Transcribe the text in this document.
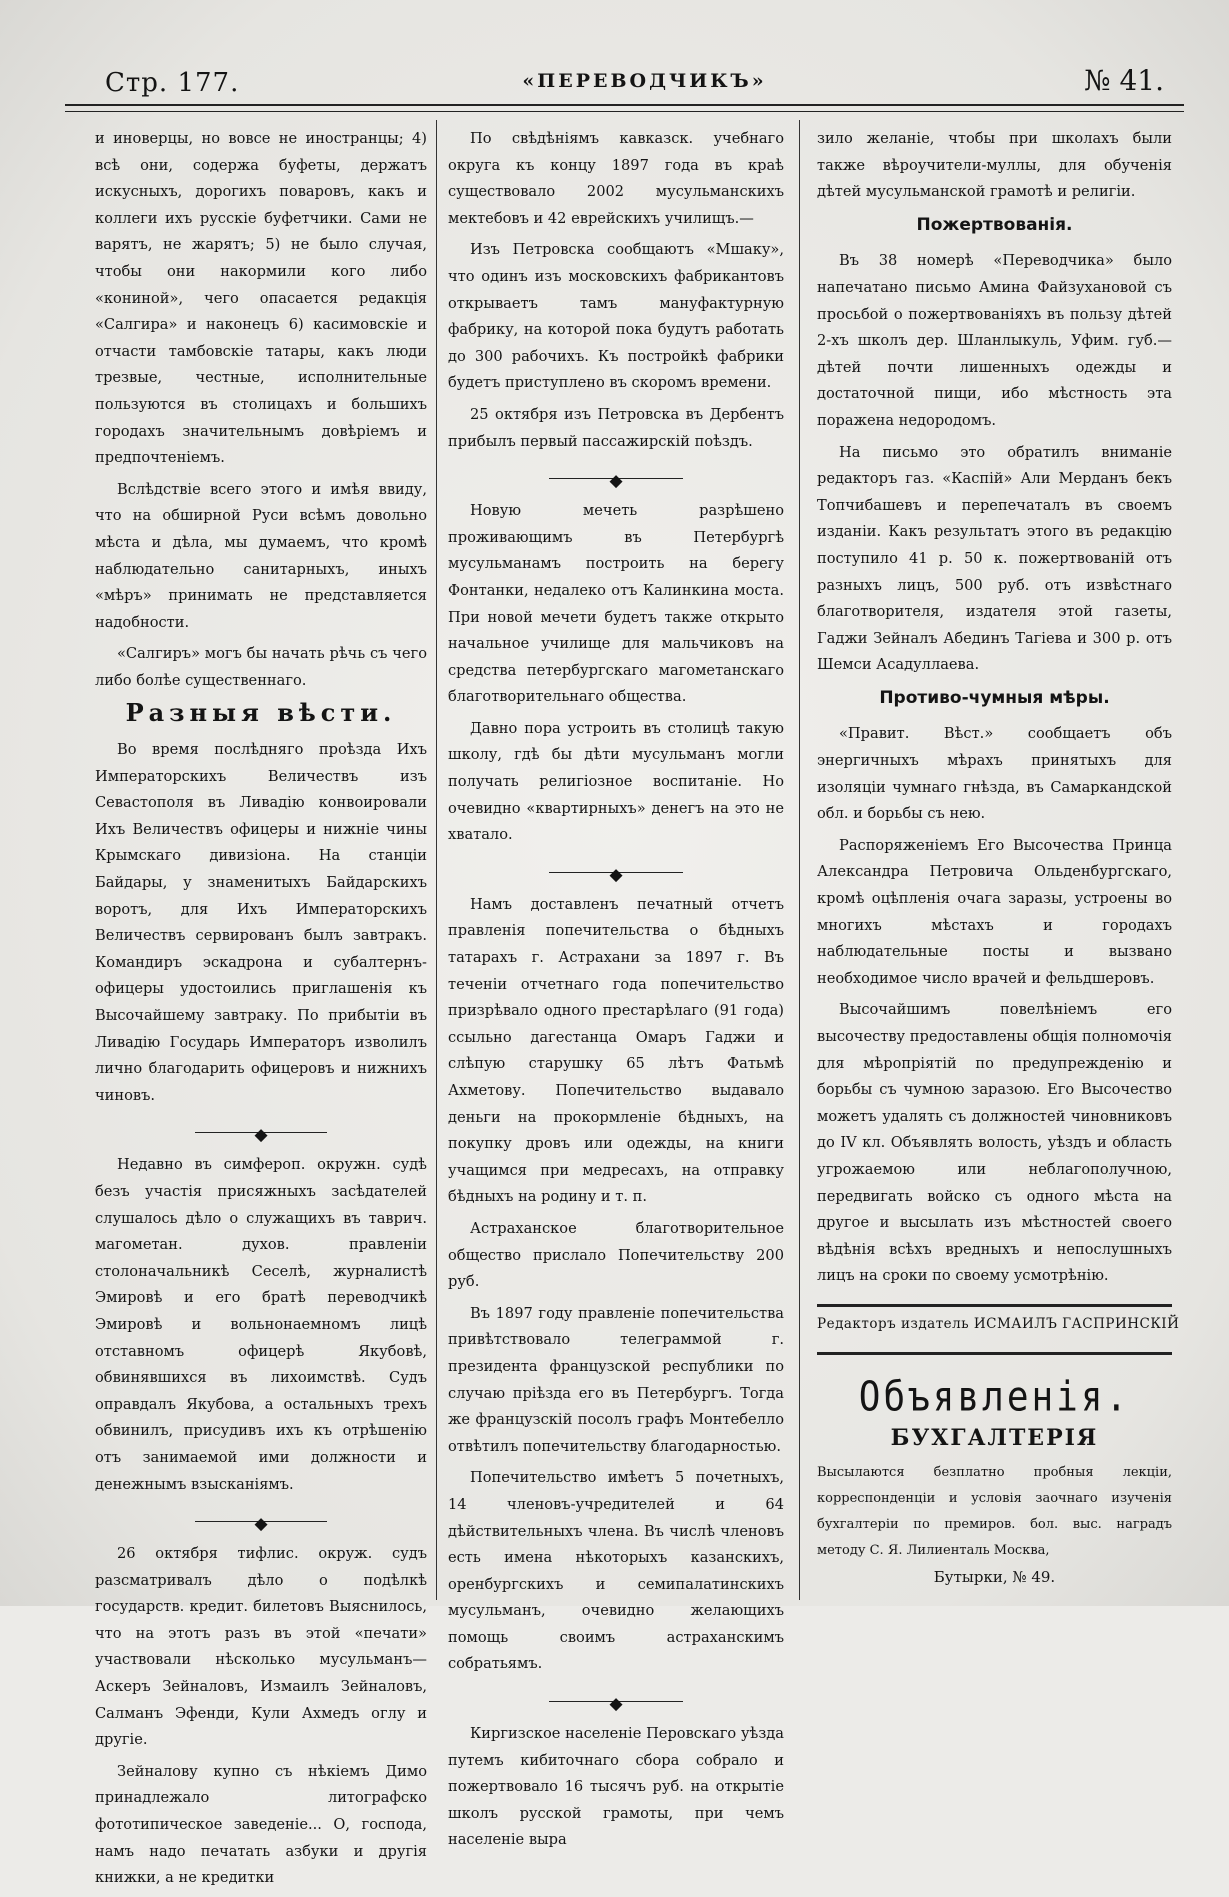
Стр. 177.	«ПЕРЕВОДЧИКЪ»	№ 41.

и иноверцы, но вовсе не иностранцы; 4) всѣ они, содержа буфеты, держатъ искусныхъ, дорогихъ поваровъ, какъ и коллеги ихъ русскіе буфетчики. Сами не варятъ, не жарятъ; 5) не было случая, чтобы они накормили кого либо «кониной», чего опасается редакція «Салгира» и наконецъ 6) касимовскіе и отчасти тамбовскіе татары, какъ люди трезвые, честные, исполнительные пользуются въ столицахъ и большихъ городахъ значительнымъ довѣріемъ и предпочтеніемъ.

Вслѣдствіе всего этого и имѣя ввиду, что на обширной Руси всѣмъ довольно мѣста и дѣла, мы думаемъ, что кромѣ наблюдательно санитарныхъ, иныхъ «мѣръ» принимать не представляется надобности.

«Салгиръ» могъ бы начать рѣчь съ чего либо болѣе существеннаго.

Разныя вѣсти.

Во время послѣдняго проѣзда Ихъ Императорскихъ Величествъ изъ Севастополя въ Ливадію конвоировали Ихъ Величествъ офицеры и нижніе чины Крымскаго дивизіона. На станціи Байдары, у знаменитыхъ Байдарскихъ воротъ, для Ихъ Императорскихъ Величествъ сервированъ былъ завтракъ. Командиръ эскадрона и субалтернъ-офицеры удостоились приглашенія къ Высочайшему завтраку. По прибытіи въ Ливадію Государь Императоръ изволилъ лично благодарить офицеровъ и нижнихъ чиновъ.

◆

Недавно въ симфероп. окружн. судѣ безъ участія присяжныхъ засѣдателей слушалось дѣло о служащихъ въ таврич. магометан. духов. правленіи столоначальникѣ Сеселѣ, журналистѣ Эмировѣ и его братѣ переводчикѣ Эмировѣ и вольнонаемномъ лицѣ отставномъ офицерѣ Якубовѣ, обвинявшихся въ лихоимствѣ. Судъ оправдалъ Якубова, а остальныхъ трехъ обвинилъ, присудивъ ихъ къ отрѣшенію отъ занимаемой ими должности и денежнымъ взысканіямъ.

◆

26 октября тифлис. окруж. судъ разсматривалъ дѣло о подѣлкѣ государств. кредит. билетовъ Выяснилось, что на этотъ разъ въ этой «печати» участвовали нѣсколько мусульманъ—Аскеръ Зейналовъ, Измаилъ Зейналовъ, Салманъ Эфенди, Кули Ахмедъ оглу и другіе.

Зейналову купно съ нѣкіемъ Димо принадлежало литографско фототипическое заведеніе... О, господа, намъ надо печатать азбуки и другія книжки, а не кредитки

По свѣдѣніямъ кавказск. учебнаго округа къ концу 1897 года въ краѣ существовало 2002 мусульманскихъ мектебовъ и 42 еврейскихъ училищъ.—

Изъ Петровска сообщаютъ «Мшаку», что одинъ изъ московскихъ фабрикантовъ открываетъ тамъ мануфактурную фабрику, на которой пока будутъ работать до 300 рабочихъ. Къ постройкѣ фабрики будетъ приступлено въ скоромъ времени.

25 октября изъ Петровска въ Дербентъ прибылъ первый пассажирскій поѣздъ.

◆

Новую мечеть разрѣшено проживающимъ въ Петербургѣ мусульманамъ построить на берегу Фонтанки, недалеко отъ Калинкина моста. При новой мечети будетъ также открыто начальное училище для мальчиковъ на средства петербургскаго магометанскаго благотворительнаго общества.

Давно пора устроить въ столицѣ такую школу, гдѣ бы дѣти мусульманъ могли получать религіозное воспитаніе. Но очевидно «квартирныхъ» денегъ на это не хватало.

◆

Намъ доставленъ печатный отчетъ правленія попечительства о бѣдныхъ татарахъ г. Астрахани за 1897 г. Въ теченіи отчетнаго года попечительство призрѣвало одного престарѣлаго (91 года) ссыльно дагестанца Омаръ Гаджи и слѣпую старушку 65 лѣтъ Фатьмѣ Ахметову. Попечительство выдавало деньги на прокормленіе бѣдныхъ, на покупку дровъ или одежды, на книги учащимся при медресахъ, на отправку бѣдныхъ на родину и т. п.

Астраханское благотворительное общество прислало Попечительству 200 руб.

Въ 1897 году правленіе попечительства привѣтствовало телеграммой г. президента французской республики по случаю пріѣзда его въ Петербургъ. Тогда же французскій посолъ графъ Монтебелло отвѣтилъ попечительству благодарностью.

Попечительство имѣетъ 5 почетныхъ, 14 членовъ-учредителей и 64 дѣйствительныхъ члена. Въ числѣ членовъ есть имена нѣкоторыхъ казанскихъ, оренбургскихъ и семипалатинскихъ мусульманъ, очевидно желающихъ помощь своимъ астраханскимъ собратьямъ.

◆

Киргизское населеніе Перовскаго уѣзда путемъ кибиточнаго сбора собрало и пожертвовало 16 тысячъ руб. на открытіе школъ русской грамоты, при чемъ населеніе выра

зило желаніе, чтобы при школахъ были также вѣроучители-муллы, для обученія дѣтей мусульманской грамотѣ и религіи.

Пожертвованія.

Въ 38 номерѣ «Переводчика» было напечатано письмо Амина Файзухановой съ просьбой о пожертвованіяхъ въ пользу дѣтей 2-хъ школъ дер. Шланлыкуль, Уфим. губ.—дѣтей почти лишенныхъ одежды и достаточной пищи, ибо мѣстность эта поражена недородомъ.

На письмо это обратилъ вниманіе редакторъ газ. «Каспій» Али Мерданъ бекъ Топчибашевъ и перепечаталъ въ своемъ изданіи. Какъ результатъ этого въ редакцію поступило 41 р. 50 к. пожертвованій отъ разныхъ лицъ, 500 руб. отъ извѣстнаго благотворителя, издателя этой газеты, Гаджи Зейналъ Абединъ Тагіева и 300 р. отъ Шемси Асадуллаева.

Противо-чумныя мѣры.

«Правит. Вѣст.» сообщаетъ объ энергичныхъ мѣрахъ принятыхъ для изоляціи чумнаго гнѣзда, въ Самаркандской обл. и борьбы съ нею.

Распоряженіемъ Его Высочества Принца Александра Петровича Ольденбургскаго, кромѣ оцѣпленія очага заразы, устроены во многихъ мѣстахъ и городахъ наблюдательные посты и вызвано необходимое число врачей и фельдшеровъ.

Высочайшимъ повелѣніемъ его высочеству предоставлены общія полномочія для мѣропріятій по предупрежденію и борьбы съ чумною заразою. Его Высочество можетъ удалять съ должностей чиновниковъ до IV кл. Объявлять волость, уѣздъ и область угрожаемою или неблагополучною, передвигать войско съ одного мѣста на другое и высылать изъ мѣстностей своего вѣдѣнія всѣхъ вредныхъ и непослушныхъ лицъ на сроки по своему усмотрѣнію.

Редакторъ издатель ИСМАИЛЪ ГАСПРИНСКІЙ
Объявленія.
БУХГАЛТЕРІЯ
Высылаются безплатно пробныя лекціи, корреспонденціи и условія заочнаго изученія бухгалтеріи по премиров. бол. выс. наградъ методу С. Я. Лилиенталь Москва,
Бутырки, № 49.
